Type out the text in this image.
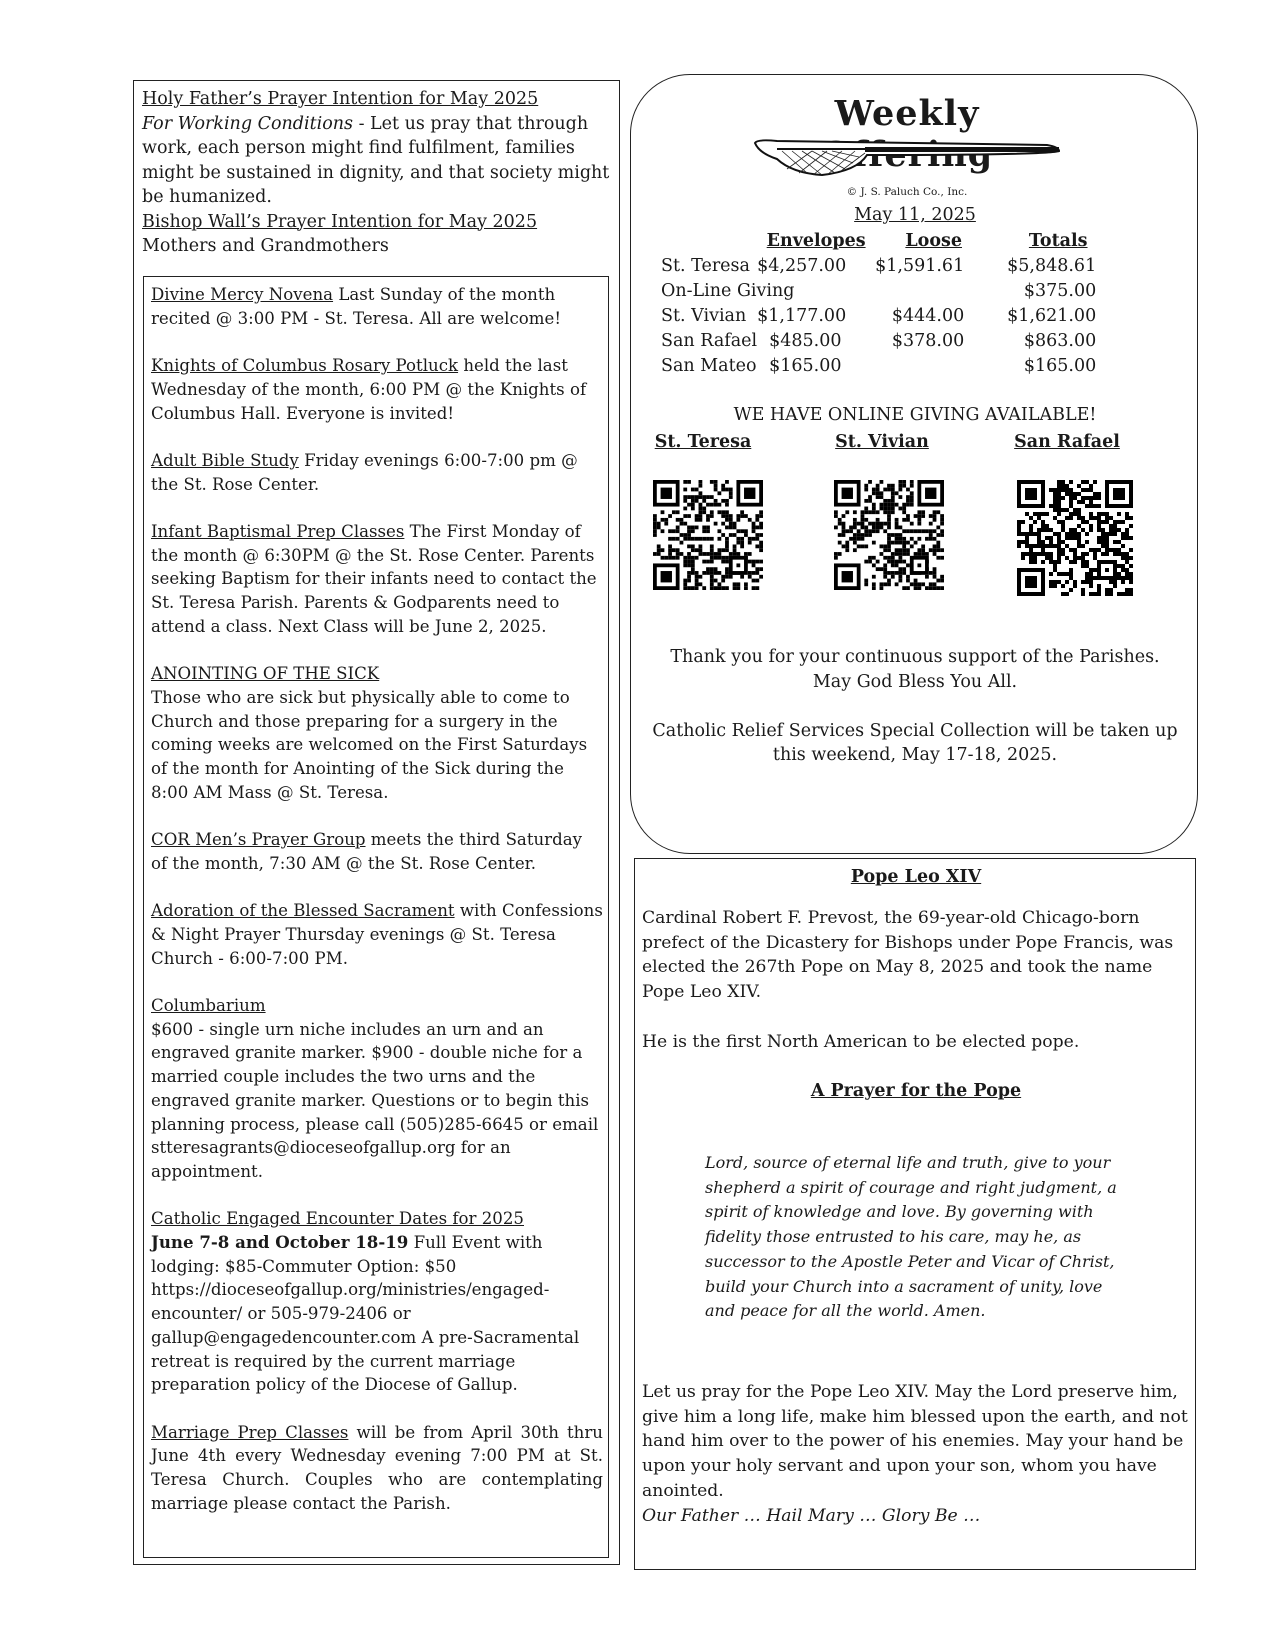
Holy Father’s Prayer Intention for May 2025

For Working Conditions - Let us pray that through work, each person might find fulfilment, families might be sustained in dignity, and that society might be humanized.

Bishop Wall’s Prayer Intention for May 2025

Mothers and Grandmothers

Divine Mercy Novena Last Sunday of the month recited @ 3:00 PM - St. Teresa. All are welcome!
Knights of Columbus Rosary Potluck held the last Wednesday of the month, 6:00 PM @ the Knights of Columbus Hall. Everyone is invited!
Adult Bible Study Friday evenings 6:00-7:00 pm @ the St. Rose Center.
Infant Baptismal Prep Classes The First Monday of the month @ 6:30PM @ the St. Rose Center. Parents seeking Baptism for their infants need to contact the St. Teresa Parish. Parents & Godparents need to attend a class. Next Class will be June 2, 2025.
ANOINTING OF THE SICK
Those who are sick but physically able to come to Church and those preparing for a surgery in the coming weeks are welcomed on the First Saturdays of the month for Anointing of the Sick during the 8:00 AM Mass @ St. Teresa.
COR Men’s Prayer Group meets the third Saturday of the month, 7:30 AM @ the St. Rose Center.
Adoration of the Blessed Sacrament with Confessions & Night Prayer Thursday evenings @ St. Teresa Church - 6:00-7:00 PM.
Columbarium
$600 - single urn niche includes an urn and an engraved granite marker. $900 - double niche for a married couple includes the two urns and the engraved granite marker. Questions or to begin this planning process, please call (505)285-6645 or email stteresagrants@dioceseofgallup.org for an appointment.
Catholic Engaged Encounter Dates for 2025
June 7-8 and October 18-19 Full Event with lodging: $85-Commuter Option: $50 https://dioceseofgallup.org/ministries/engaged-encounter/ or 505-979-2406 or gallup@engagedencounter.com A pre-Sacramental retreat is required by the current marriage preparation policy of the Diocese of Gallup.
Marriage Prep Classes will be from April 30th thru June 4th every Wednesday evening 7:00 PM at St. Teresa Church. Couples who are contemplating marriage please contact the Parish.
Weekly
© J. S. Paluch Co., Inc.
May 11, 2025
	Envelopes	Loose	Totals
St. Teresa	$4,257.00	$1,591.61	$5,848.61
On-Line Giving			$375.00
St. Vivian	$1,177.00	$444.00	$1,621.00
San Rafael	$485.00	$378.00	$863.00
San Mateo	$165.00		$165.00
WE HAVE ONLINE GIVING AVAILABLE!
St. Teresa	St. Vivian	San Rafael

Thank you for your continuous support of the Parishes.

May God Bless You All.

Catholic Relief Services Special Collection will be taken up

this weekend, May 17-18, 2025.

Pope Leo XIV

Cardinal Robert F. Prevost, the 69-year-old Chicago-born prefect of the Dicastery for Bishops under Pope Francis, was elected the 267th Pope on May 8, 2025 and took the name Pope Leo XIV.

He is the first North American to be elected pope.

A Prayer for the Pope
Lord, source of eternal life and truth, give to your shepherd a spirit of courage and right judgment, a spirit of knowledge and love. By governing with fidelity those entrusted to his care, may he, as successor to the Apostle Peter and Vicar of Christ, build your Church into a sacrament of unity, love and peace for all the world. Amen.

Let us pray for the Pope Leo XIV. May the Lord preserve him, give him a long life, make him blessed upon the earth, and not hand him over to the power of his enemies. May your hand be upon your holy servant and upon your son, whom you have anointed.

Our Father … Hail Mary … Glory Be …
